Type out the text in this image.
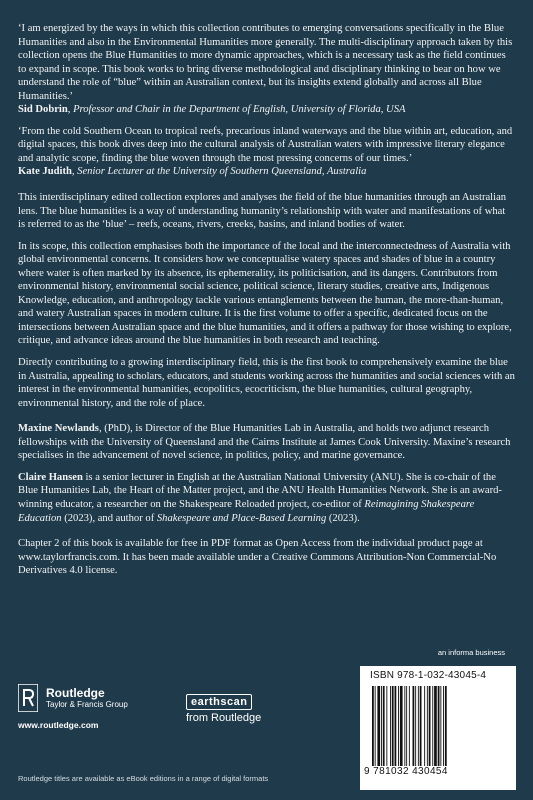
‘I am energized by the ways in which this collection contributes to emerging conversations specifically in the Blue Humanities and also in the Environmental Humanities more generally. The multi-disciplinary approach taken by this collection opens the Blue Humanities to more dynamic approaches, which is a necessary task as the field continues to expand in scope. This book works to bring diverse methodological and disciplinary thinking to bear on how we understand the role of “blue” within an Australian context, but its insights extend globally and across all Blue Humanities.’

Sid Dobrin, Professor and Chair in the Department of English, University of Florida, USA

‘From the cold Southern Ocean to tropical reefs, precarious inland waterways and the blue within art, education, and digital spaces, this book dives deep into the cultural analysis of Australian waters with impressive literary elegance and analytic scope, finding the blue woven through the most pressing concerns of our times.’

Kate Judith, Senior Lecturer at the University of Southern Queensland, Australia

This interdisciplinary edited collection explores and analyses the field of the blue humanities through an Australian lens. The blue humanities is a way of understanding humanity’s relationship with water and manifestations of what is referred to as the ‘blue’ – reefs, oceans, rivers, creeks, basins, and inland bodies of water.

In its scope, this collection emphasises both the importance of the local and the interconnectedness of Australia with global environmental concerns. It considers how we conceptualise watery spaces and shades of blue in a country where water is often marked by its absence, its ephemerality, its politicisation, and its dangers. Contributors from environmental history, environmental social science, political science, literary studies, creative arts, Indigenous Knowledge, education, and anthropology tackle various entanglements between the human, the more-than-human, and watery Australian spaces in modern culture. It is the first volume to offer a specific, dedicated focus on the intersections between Australian space and the blue humanities, and it offers a pathway for those wishing to explore, critique, and advance ideas around the blue humanities in both research and teaching.

Directly contributing to a growing interdisciplinary field, this is the first book to comprehensively examine the blue in Australia, appealing to scholars, educators, and students working across the humanities and social sciences with an interest in the environmental humanities, ecopolitics, ecocriticism, the blue humanities, cultural geography, environmental history, and the role of place.

Maxine Newlands, (PhD), is Director of the Blue Humanities Lab in Australia, and holds two adjunct research fellowships with the University of Queensland and the Cairns Institute at James Cook University. Maxine’s research specialises in the advancement of novel science, in politics, policy, and marine governance.

Claire Hansen is a senior lecturer in English at the Australian National University (ANU). She is co-chair of the Blue Humanities Lab, the Heart of the Matter project, and the ANU Health Humanities Network. She is an award-winning educator, a researcher on the Shakespeare Reloaded project, co-editor of Reimagining Shakespeare Education (2023), and author of Shakespeare and Place-Based Learning (2023).

Chapter 2 of this book is available for free in PDF format as Open Access from the individual product page at www.taylorfrancis.com. It has been made available under a Creative Commons Attribution-Non Commercial-No Derivatives 4.0 license.

an informa business
Routledge
Taylor & Francis Group
www.routledge.com
earthscan
from Routledge
ISBN 978-1-032-43045-4
9 781032 430454
Routledge titles are available as eBook editions in a range of digital formats
